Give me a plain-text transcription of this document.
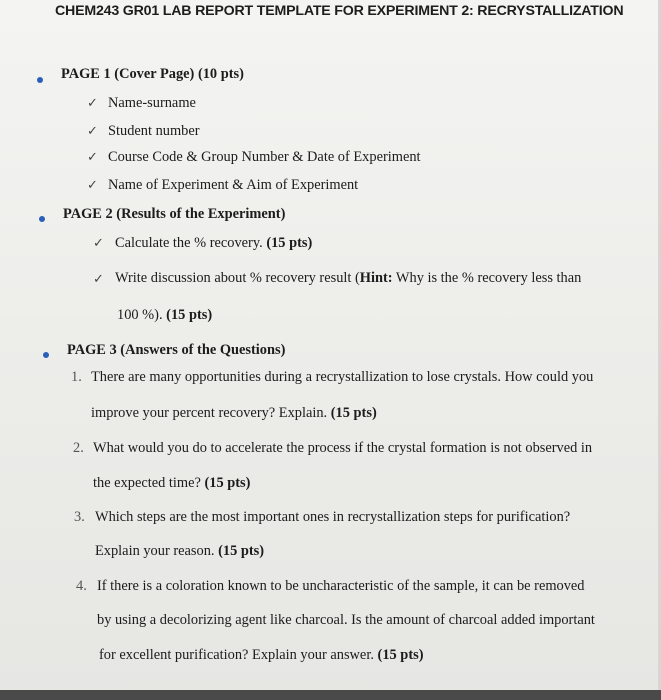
CHEM243 GR01 LAB REPORT TEMPLATE FOR EXPERIMENT 2: RECRYSTALLIZATION
PAGE 1 (Cover Page) (10 pts)
✓ Name-surname
✓ Student number
✓ Course Code & Group Number & Date of Experiment
✓ Name of Experiment & Aim of Experiment
PAGE 2 (Results of the Experiment)
✓ Calculate the % recovery. (15 pts)
✓ Write discussion about % recovery result (Hint: Why is the % recovery less than
100 %). (15 pts)
PAGE 3 (Answers of the Questions)
1. There are many opportunities during a recrystallization to lose crystals. How could you
improve your percent recovery? Explain. (15 pts)
2. What would you do to accelerate the process if the crystal formation is not observed in
the expected time? (15 pts)
3. Which steps are the most important ones in recrystallization steps for purification?
Explain your reason. (15 pts)
4. If there is a coloration known to be uncharacteristic of the sample, it can be removed
by using a decolorizing agent like charcoal. Is the amount of charcoal added important
for excellent purification? Explain your answer. (15 pts)
